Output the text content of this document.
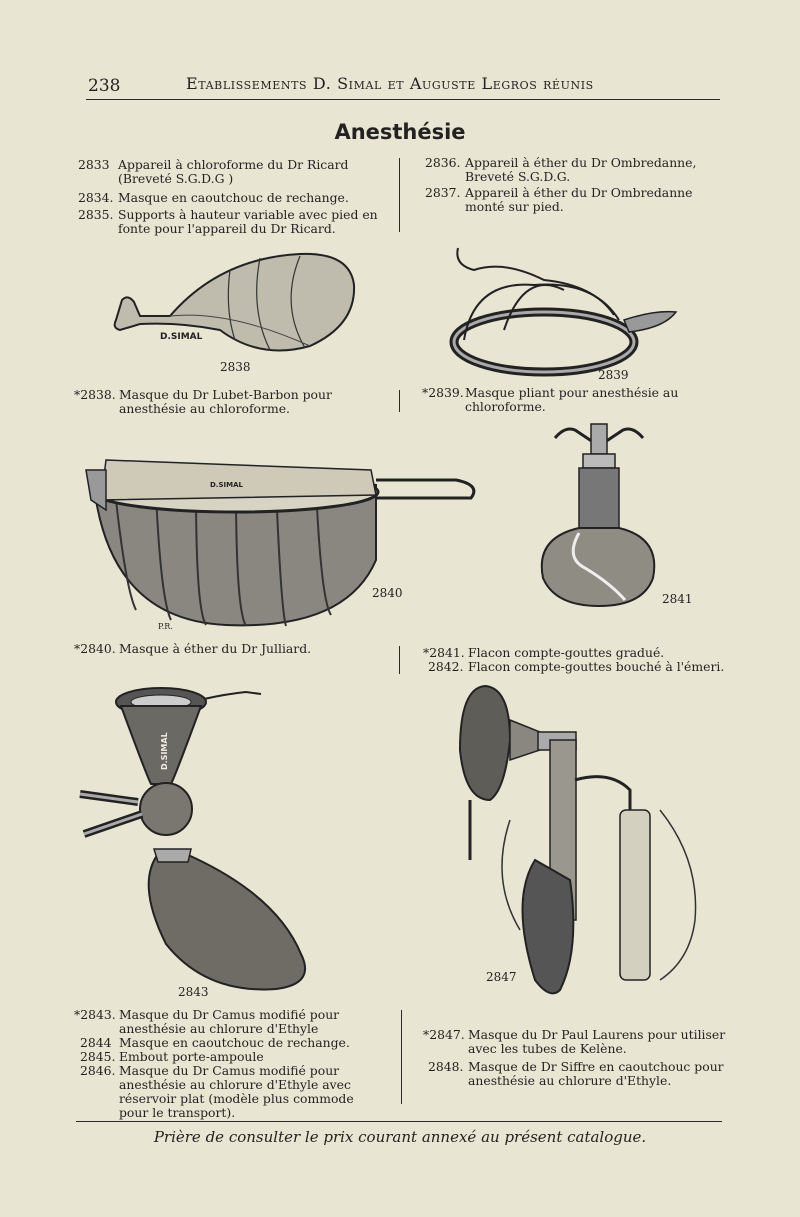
238	Etablissements D. Simal et Auguste Legros réunis
Anesthésie
2833 Appareil à chloroforme du Dr Ricard (Breveté S.G.D.G )
2834. Masque en caoutchouc de rechange.
2835. Supports à hauteur variable avec pied en fonte pour l'appareil du Dr Ricard.
2836. Appareil à éther du Dr Ombredanne, Breveté S.G.D.G.
2837. Appareil à éther du Dr Ombredanne monté sur pied.
D.SIMAL
2838
2839
*2838. Masque du Dr Lubet-Barbon pour anesthésie au chloroforme.
*2839. Masque pliant pour anesthésie au chloroforme.
D.SIMAL
2840
P.R.
2841
*2840. Masque à éther du Dr Julliard.	*2841. Flacon compte-gouttes gradué.
2842. Flacon compte-gouttes bouché à l'émeri.
D.SIMAL
2843
2847
*2843. Masque du Dr Camus modifié pour anesthésie au chlorure d'Ethyle
2844 Masque en caoutchouc de rechange.
2845. Embout porte-ampoule
2846. Masque du Dr Camus modifié pour anesthésie au chlorure d'Ethyle avec réservoir plat (modèle plus commode pour le transport).
*2847. Masque du Dr Paul Laurens pour utiliser avec les tubes de Kelène.
2848. Masque de Dr Siffre en caoutchouc pour anesthésie au chlorure d'Ethyle.
Prière de consulter le prix courant annexé au présent catalogue.
